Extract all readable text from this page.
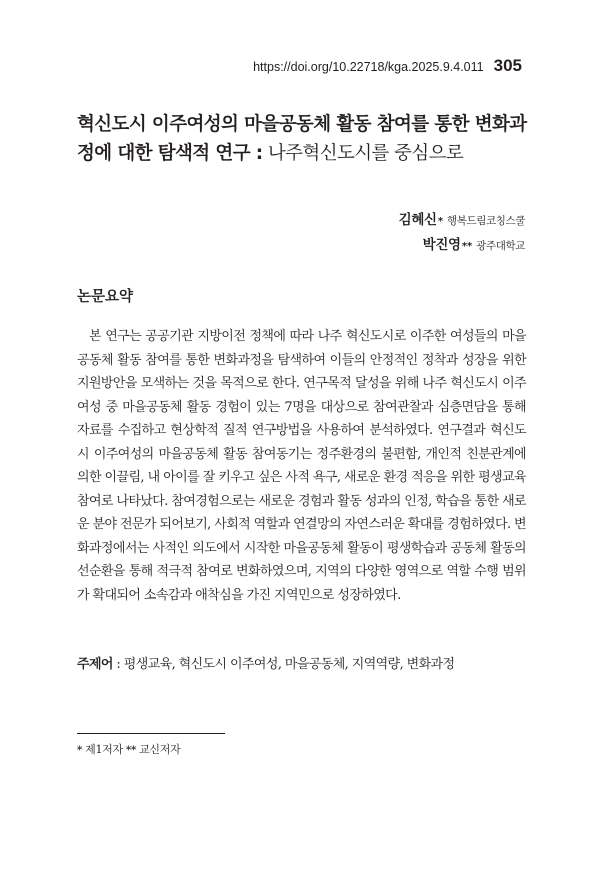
https://doi.org/10.22718/kga.2025.9.4.011 305
혁신도시 이주여성의 마을공동체 활동 참여를 통한 변화과정에 대한 탐색적 연구 : 나주혁신도시를 중심으로
김혜신* 행복드림코칭스쿨
박진영** 광주대학교
논문요약

본 연구는 공공기관 지방이전 정책에 따라 나주 혁신도시로 이주한 여성들의 마을공동체 활동 참여를 통한 변화과정을 탐색하여 이들의 안정적인 정착과 성장을 위한 지원방안을 모색하는 것을 목적으로 한다. 연구목적 달성을 위해 나주 혁신도시 이주여성 중 마을공동체 활동 경험이 있는 7명을 대상으로 참여관찰과 심층면담을 통해 자료를 수집하고 현상학적 질적 연구방법을 사용하여 분석하였다. 연구결과 혁신도시 이주여성의 마을공동체 활동 참여동기는 정주환경의 불편함, 개인적 친분관계에 의한 이끌림, 내 아이를 잘 키우고 싶은 사적 욕구, 새로운 환경 적응을 위한 평생교육 참여로 나타났다. 참여경험으로는 새로운 경험과 활동 성과의 인정, 학습을 통한 새로운 분야 전문가 되어보기, 사회적 역할과 연결망의 자연스러운 확대를 경험하였다. 변화과정에서는 사적인 의도에서 시작한 마을공동체 활동이 평생학습과 공동체 활동의 선순환을 통해 적극적 참여로 변화하였으며, 지역의 다양한 영역으로 역할 수행 범위가 확대되어 소속감과 애착심을 가진 지역민으로 성장하였다.

주제어 : 평생교육, 혁신도시 이주여성, 마을공동체, 지역역량, 변화과정
* 제1저자 ** 교신저자
